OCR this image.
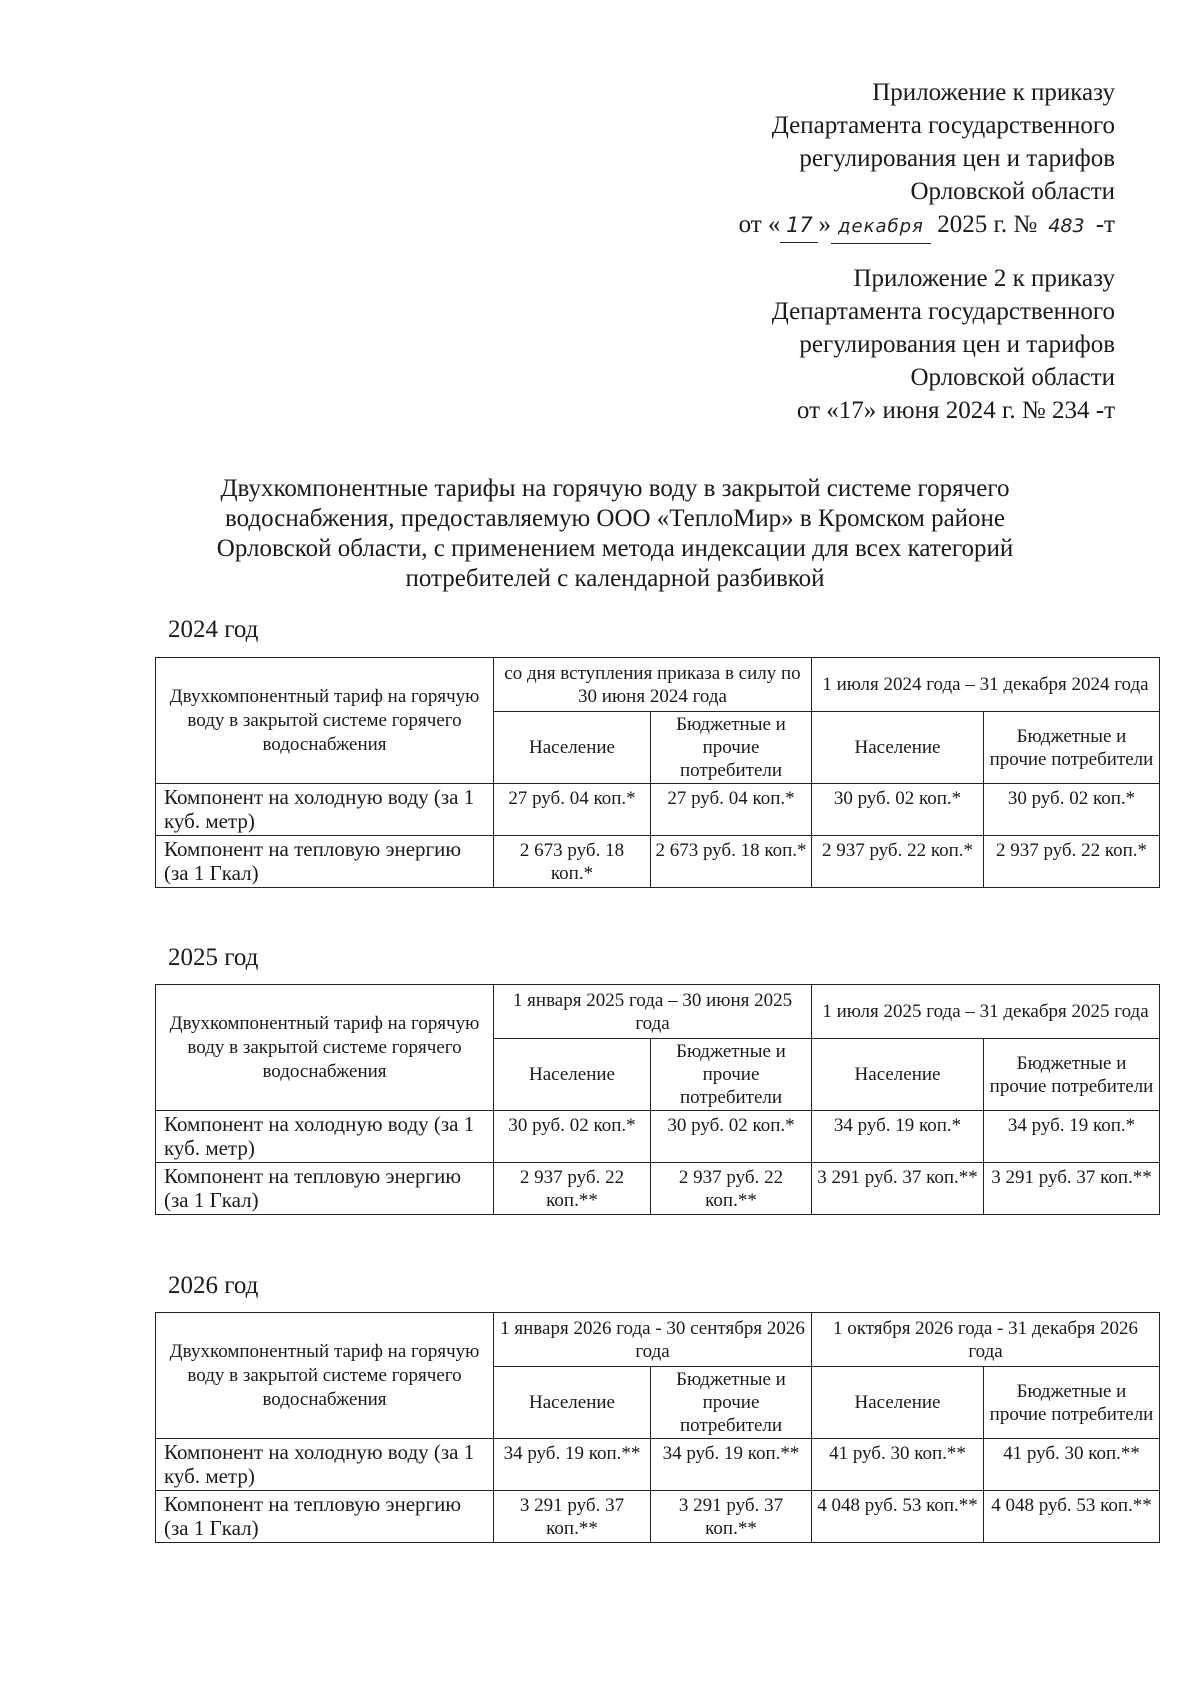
Приложение к приказу
Департамента государственного
регулирования цен и тарифов
Орловской области
от « 17 » декабря 2025 г. № 483 -т
Приложение 2 к приказу
Департамента государственного
регулирования цен и тарифов
Орловской области
от «17» июня 2024 г. № 234 -т
Двухкомпонентные тарифы на горячую воду в закрытой системе горячего
водоснабжения, предоставляемую ООО «ТеплоМир» в Кромском районе
Орловской области, с применением метода индексации для всех категорий
потребителей с календарной разбивкой
2024 год
Двухкомпонентный тариф на горячую воду в закрытой системе горячего водоснабжения	со дня вступления приказа в силу по 30 июня 2024 года		1 июля 2024 года – 31 декабря 2024 года	
	Население	Бюджетные и прочие потребители	Население	Бюджетные и прочие потребители
Компонент на холодную воду (за 1 куб. метр)	27 руб. 04 коп.*	27 руб. 04 коп.*	30 руб. 02 коп.*	30 руб. 02 коп.*
Компонент на тепловую энергию (за 1 Гкал)	2 673 руб. 18 коп.*	2 673 руб. 18 коп.*	2 937 руб. 22 коп.*	2 937 руб. 22 коп.*
2025 год
Двухкомпонентный тариф на горячую воду в закрытой системе горячего водоснабжения	1 января 2025 года – 30 июня 2025 года		1 июля 2025 года – 31 декабря 2025 года	
	Население	Бюджетные и прочие потребители	Население	Бюджетные и прочие потребители
Компонент на холодную воду (за 1 куб. метр)	30 руб. 02 коп.*	30 руб. 02 коп.*	34 руб. 19 коп.*	34 руб. 19 коп.*
Компонент на тепловую энергию (за 1 Гкал)	2 937 руб. 22 коп.**	2 937 руб. 22 коп.**	3 291 руб. 37 коп.**	3 291 руб. 37 коп.**
2026 год
Двухкомпонентный тариф на горячую воду в закрытой системе горячего водоснабжения	1 января 2026 года - 30 сентября 2026 года		1 октября 2026 года - 31 декабря 2026 года	
	Население	Бюджетные и прочие потребители	Население	Бюджетные и прочие потребители
Компонент на холодную воду (за 1 куб. метр)	34 руб. 19 коп.**	34 руб. 19 коп.**	41 руб. 30 коп.**	41 руб. 30 коп.**
Компонент на тепловую энергию (за 1 Гкал)	3 291 руб. 37 коп.**	3 291 руб. 37 коп.**	4 048 руб. 53 коп.**	4 048 руб. 53 коп.**
